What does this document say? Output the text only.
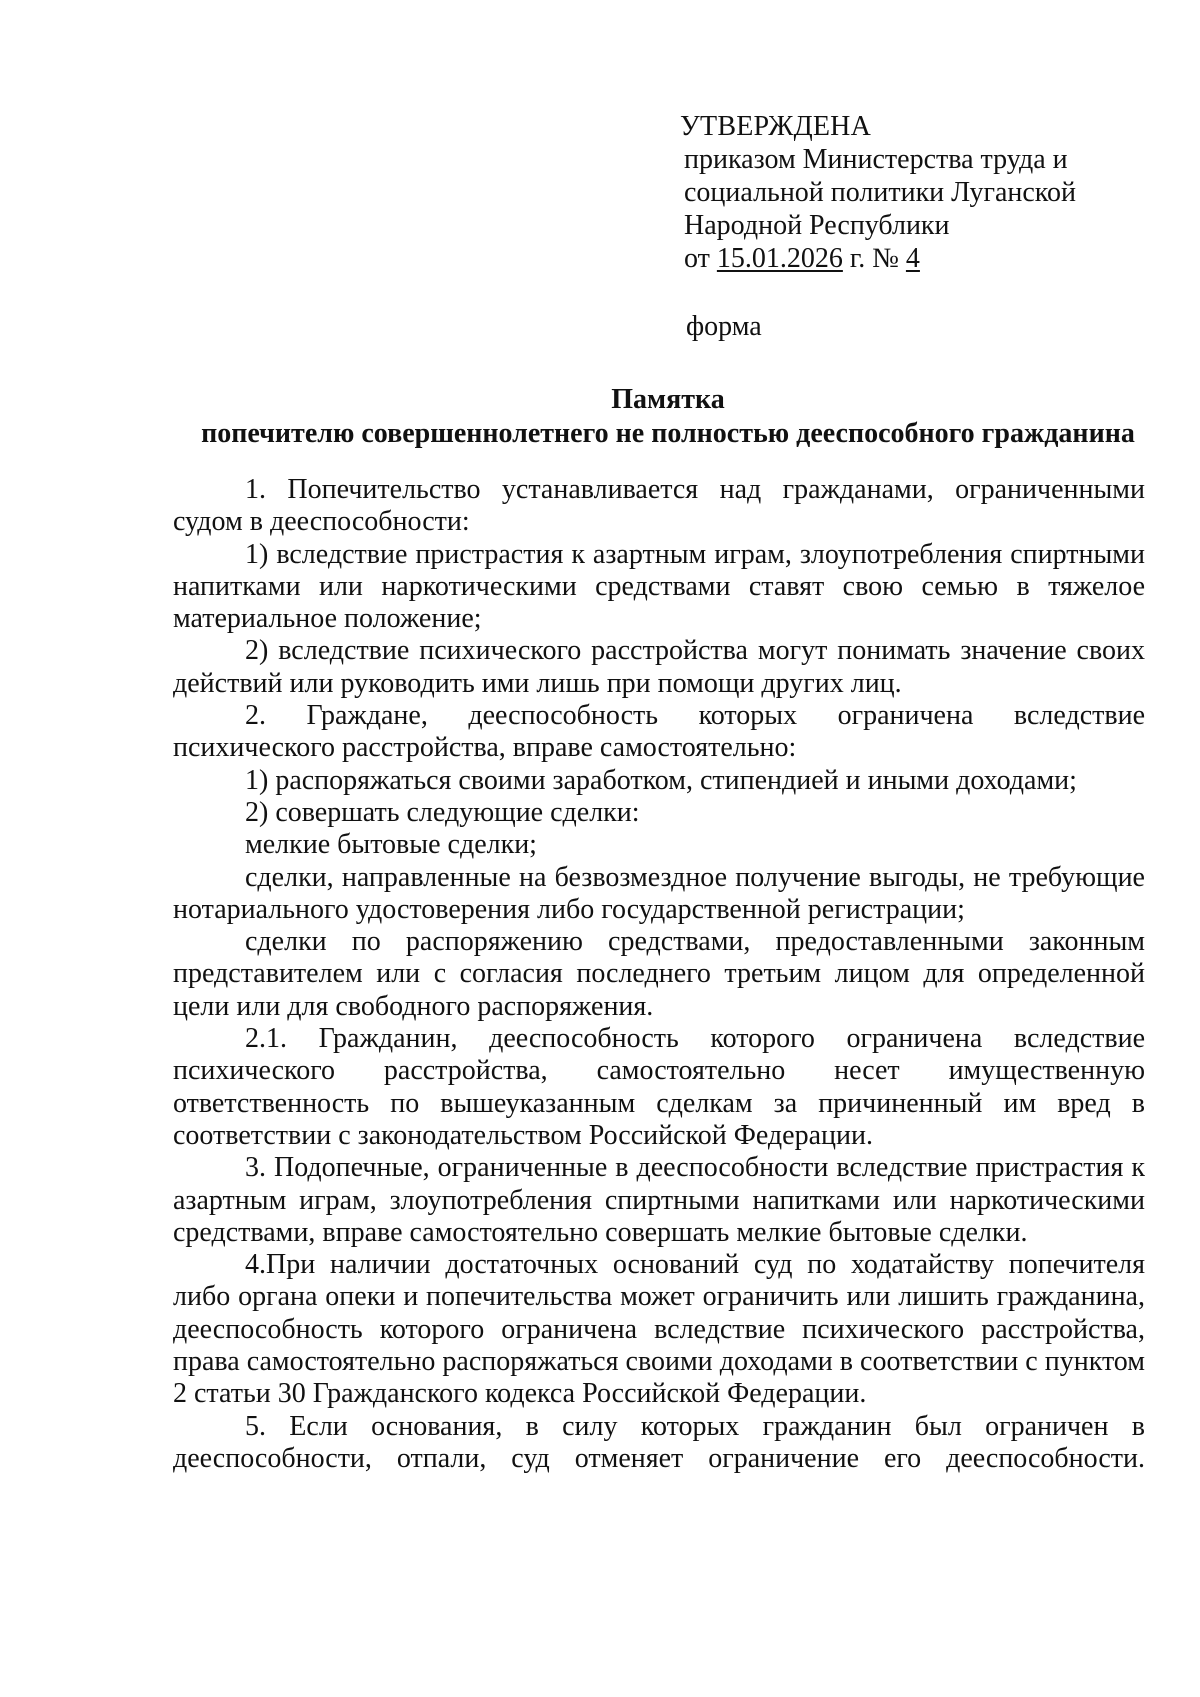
УТВЕРЖДЕНА
приказом Министерства труда и
социальной политики Луганской
Народной Республики
от 15.01.2026 г. № 4
форма
Памятка
попечителю совершеннолетнего не полностью дееспособного гражданина

1. Попечительство устанавливается над гражданами, ограниченными судом в дееспособности:

1) вследствие пристрастия к азартным играм, злоупотребления спиртными напитками или наркотическими средствами ставят свою семью в тяжелое материальное положение;

2) вследствие психического расстройства могут понимать значение своих действий или руководить ими лишь при помощи других лиц.

2. Граждане, дееспособность которых ограничена вследствие психического расстройства, вправе самостоятельно:

1) распоряжаться своими заработком, стипендией и иными доходами;

2) совершать следующие сделки:

мелкие бытовые сделки;

сделки, направленные на безвозмездное получение выгоды, не требующие нотариального удостоверения либо государственной регистрации;

сделки по распоряжению средствами, предоставленными законным представителем или с согласия последнего третьим лицом для определенной цели или для свободного распоряжения.

2.1. Гражданин, дееспособность которого ограничена вследствие психического расстройства, самостоятельно несет имущественную ответственность по вышеуказанным сделкам за причиненный им вред в соответствии с законодательством Российской Федерации.

3. Подопечные, ограниченные в дееспособности вследствие пристрастия к азартным играм, злоупотребления спиртными напитками или наркотическими средствами, вправе самостоятельно совершать мелкие бытовые сделки.

4.При наличии достаточных оснований суд по ходатайству попечителя либо органа опеки и попечительства может ограничить или лишить гражданина, дееспособность которого ограничена вследствие психического расстройства, права самостоятельно распоряжаться своими доходами в соответствии с пунктом 2 статьи 30 Гражданского кодекса Российской Федерации.

5. Если основания, в силу которых гражданин был ограничен в дееспособности, отпали, суд отменяет ограничение его дееспособности.
